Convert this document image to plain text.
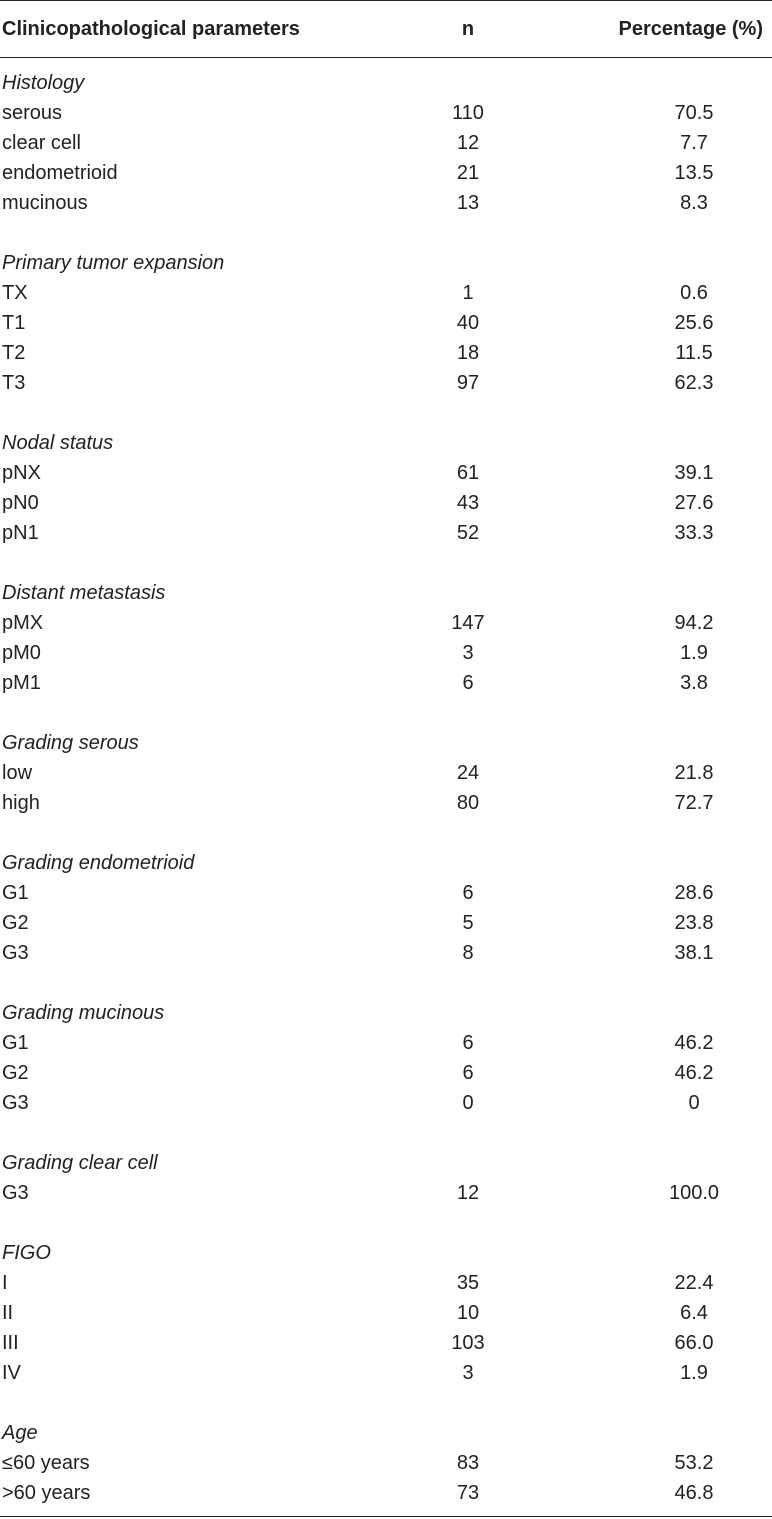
Clinicopathological parameters	n	Percentage (%)
Histology
serous	110	70.5
clear cell	12	7.7
endometrioid	21	13.5
mucinous	13	8.3
Primary tumor expansion
TX	1	0.6
T1	40	25.6
T2	18	11.5
T3	97	62.3
Nodal status
pNX	61	39.1
pN0	43	27.6
pN1	52	33.3
Distant metastasis
pMX	147	94.2
pM0	3	1.9
pM1	6	3.8
Grading serous
low	24	21.8
high	80	72.7
Grading endometrioid
G1	6	28.6
G2	5	23.8
G3	8	38.1
Grading mucinous
G1	6	46.2
G2	6	46.2
G3	0	0
Grading clear cell
G3	12	100.0
FIGO
I	35	22.4
II	10	6.4
III	103	66.0
IV	3	1.9
Age
≤60 years	83	53.2
>60 years	73	46.8
